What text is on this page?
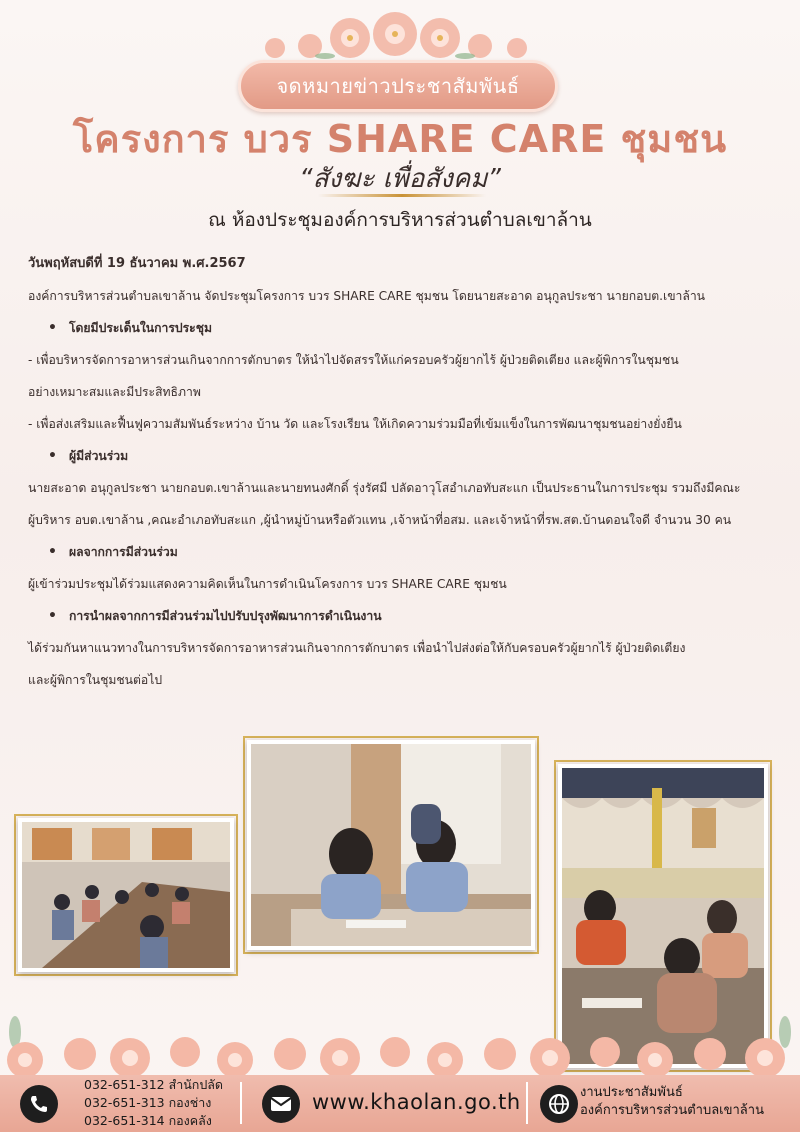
จดหมายข่าวประชาสัมพันธ์
โครงการ บวร SHARE CARE ชุมชน
“สังฆะ เพื่อสังคม”
ณ ห้องประชุมองค์การบริหารส่วนตำบลเขาล้าน

วันพฤหัสบดีที่ 19 ธันวาคม พ.ศ.2567

องค์การบริหารส่วนตำบลเขาล้าน จัดประชุมโครงการ บวร SHARE CARE ชุมชน โดยนายสะอาด อนุกูลประชา นายกอบต.เขาล้าน

• โดยมีประเด็นในการประชุม

- เพื่อบริหารจัดการอาหารส่วนเกินจากการตักบาตร ให้นำไปจัดสรรให้แก่ครอบครัวผู้ยากไร้ ผู้ป่วยติดเตียง และผู้พิการในชุมชน

อย่างเหมาะสมและมีประสิทธิภาพ

- เพื่อส่งเสริมและฟื้นฟูความสัมพันธ์ระหว่าง บ้าน วัด และโรงเรียน ให้เกิดความร่วมมือที่เข้มแข็งในการพัฒนาชุมชนอย่างยั่งยืน

• ผู้มีส่วนร่วม

นายสะอาด อนุกูลประชา นายกอบต.เขาล้านและนายทนงศักดิ์ รุ่งรัศมี ปลัดอาวุโสอำเภอทับสะแก เป็นประธานในการประชุม รวมถึงมีคณะ

ผู้บริหาร อบต.เขาล้าน ,คณะอำเภอทับสะแก ,ผู้นำหมู่บ้านหรือตัวแทน ,เจ้าหน้าที่อสม. และเจ้าหน้าที่รพ.สต.บ้านดอนใจดี จำนวน 30 คน

• ผลจากการมีส่วนร่วม

ผู้เข้าร่วมประชุมได้ร่วมแสดงความคิดเห็นในการดำเนินโครงการ บวร SHARE CARE ชุมชน

• การนำผลจากการมีส่วนร่วมไปปรับปรุงพัฒนาการดำเนินงาน

ได้ร่วมกันหาแนวทางในการบริหารจัดการอาหารส่วนเกินจากการตักบาตร เพื่อนำไปส่งต่อให้กับครอบครัวผู้ยากไร้ ผู้ป่วยติดเตียง

และผู้พิการในชุมชนต่อไป

032-651-312 สำนักปลัด
032-651-313 กองช่าง
032-651-314 กองคลัง
www.khaolan.go.th	งานประชาสัมพันธ์
องค์การบริหารส่วนตำบลเขาล้าน
